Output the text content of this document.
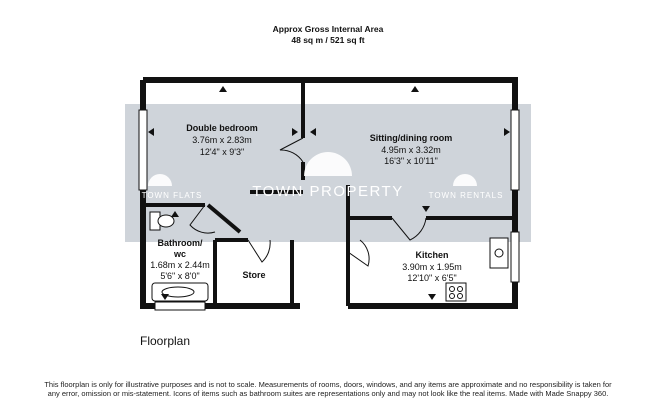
Approx Gross Internal Area
48 sq m / 521 sq ft
TOWN FLATS	TOWN PROPERTY	TOWN RENTALS
Double bedroom
3.76m x 2.83m
12'4" x 9'3"
Sitting/dining room
4.95m x 3.32m
16'3" x 10'11"
Bathroom/
wc
1.68m x 2.44m
5'6" x 8'0"	Store
Kitchen
3.90m x 1.95m
12'10" x 6'5"
Floorplan
This floorplan is only for illustrative purposes and is not to scale. Measurements of rooms, doors, windows, and any items are approximate and no responsibility is taken for any error, omission or mis-statement. Icons of items such as bathroom suites are representations only and may not look like the real items. Made with Made Snappy 360.
